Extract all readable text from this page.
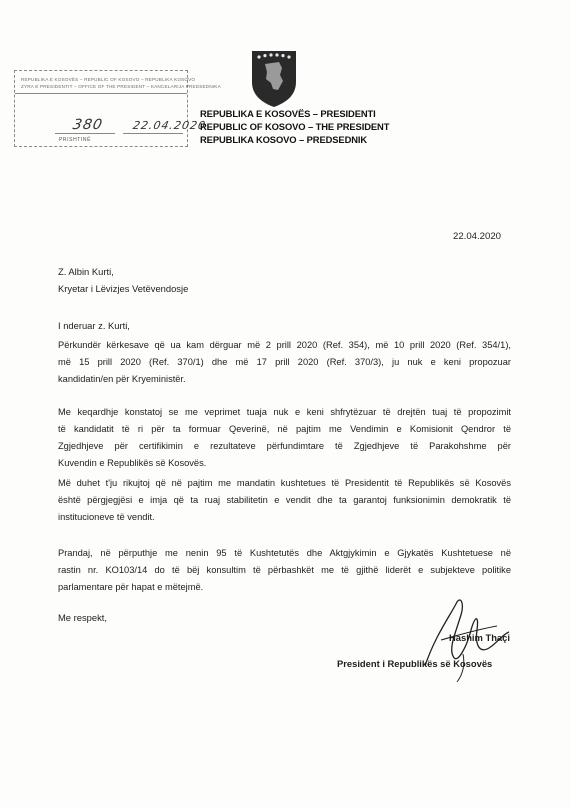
REPUBLIKA E KOSOVËS – REPUBLIC OF KOSOVO – REPUBLIKA KOSOVO
ZYRA E PRESIDENTIT – OFFICE OF THE PRESIDENT – KANCELARIJA PREDSEDNIKA
380	22.04.2020
PRISHTINË
REPUBLIKA E KOSOVËS – PRESIDENTI
REPUBLIC OF KOSOVO – THE PRESIDENT
REPUBLIKA KOSOVO – PREDSEDNIK
22.04.2020
Z. Albin Kurti,
Kryetar i Lëvizjes Vetëvendosje
I nderuar z. Kurti,
Përkundër kërkesave që ua kam dërguar më 2 prill 2020 (Ref. 354), më 10 prill 2020 (Ref. 354/1),
më 15 prill 2020 (Ref. 370/1) dhe më 17 prill 2020 (Ref. 370/3), ju nuk e keni propozuar
kandidatin/en për Kryeministër.
Me keqardhje konstatoj se me veprimet tuaja nuk e keni shfrytëzuar të drejtën tuaj të propozimit
të kandidatit të ri për ta formuar Qeverinë, në pajtim me Vendimin e Komisionit Qendror të
Zgjedhjeve për certifikimin e rezultateve përfundimtare të Zgjedhjeve të Parakohshme për
Kuvendin e Republikës së Kosovës.
Më duhet t'ju rikujtoj që në pajtim me mandatin kushtetues të Presidentit të Republikës së Kosovës
është përgjegjësi e imja që ta ruaj stabilitetin e vendit dhe ta garantoj funksionimin demokratik të
institucioneve të vendit.
Prandaj, në përputhje me nenin 95 të Kushtetutës dhe Aktgjykimin e Gjykatës Kushtetuese në
rastin nr. KO103/14 do të bëj konsultim të përbashkët me të gjithë liderët e subjekteve politike
parlamentare për hapat e mëtejmë.
Me respekt,
Hashim Thaçi
President i Republikës së Kosovës
